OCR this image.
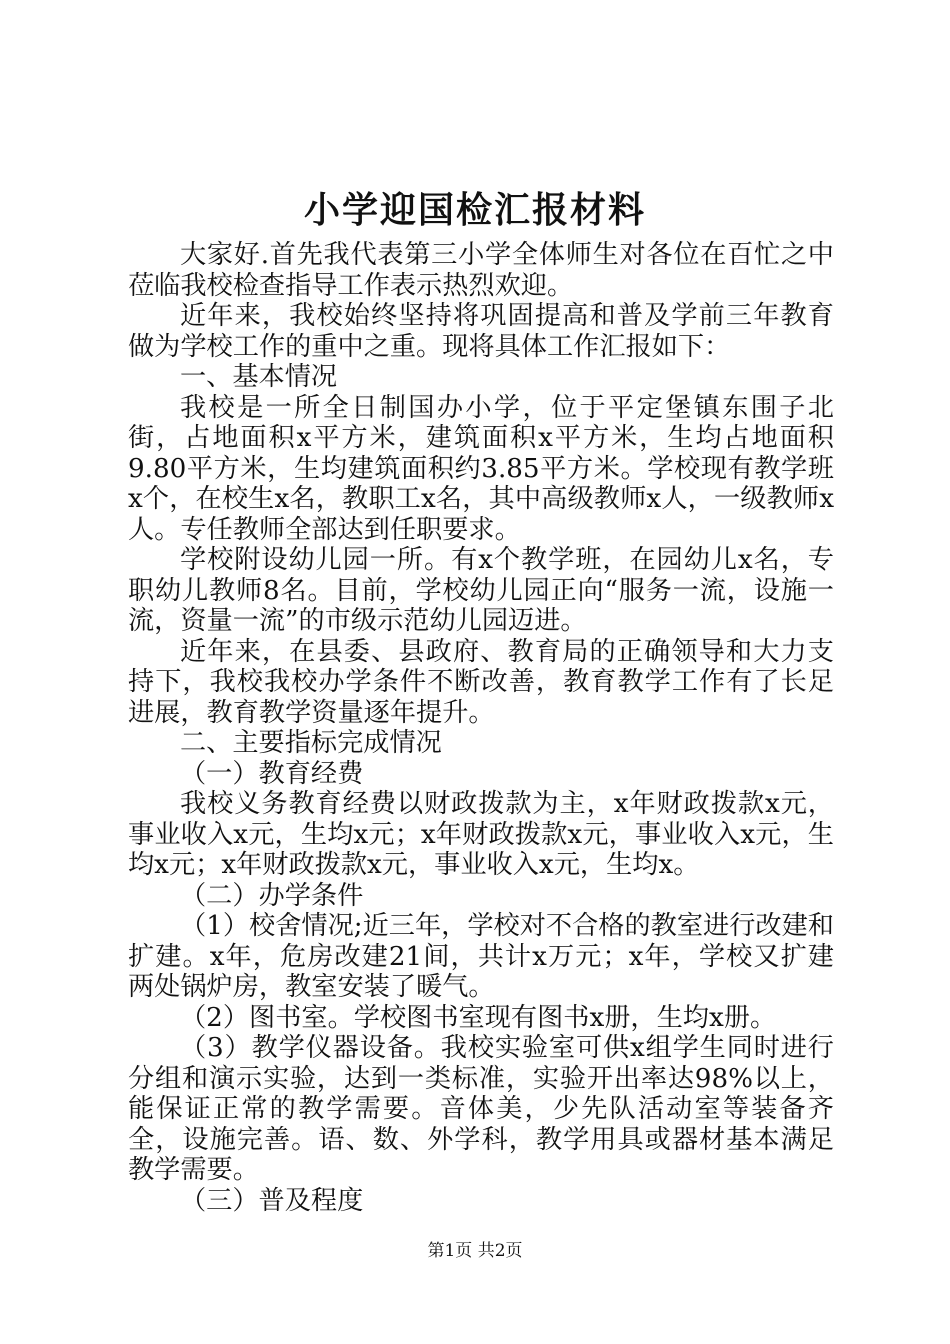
小学迎国检汇报材料

大家好.首先我代表第三小学全体师生对各位在百忙之中莅临我校检查指导工作表示热烈欢迎。

近年来，我校始终坚持将巩固提高和普及学前三年教育做为学校工作的重中之重。现将具体工作汇报如下：

一、基本情况

我校是一所全日制国办小学，位于平定堡镇东围子北街，占地面积x平方米，建筑面积x平方米，生均占地面积9.80平方米，生均建筑面积约3.85平方米。学校现有教学班x个，在校生x名，教职工x名，其中高级教师x人，一级教师x人。专任教师全部达到任职要求。

学校附设幼儿园一所。有x个教学班，在园幼儿x名，专职幼儿教师8名。目前，学校幼儿园正向“服务一流，设施一流，资量一流”的市级示范幼儿园迈进。

近年来，在县委、县政府、教育局的正确领导和大力支持下，我校我校办学条件不断改善，教育教学工作有了长足进展，教育教学资量逐年提升。

二、主要指标完成情况

（一）教育经费

我校义务教育经费以财政拨款为主，x年财政拨款x元，事业收入x元，生均x元；x年财政拨款x元，事业收入x元，生均x元；x年财政拨款x元，事业收入x元，生均x。

（二）办学条件

（1）校舍情况;近三年，学校对不合格的教室进行改建和扩建。x年，危房改建21间，共计x万元；x年，学校又扩建两处锅炉房，教室安装了暖气。

（2）图书室。学校图书室现有图书x册，生均x册。

（3）教学仪器设备。我校实验室可供x组学生同时进行分组和演示实验，达到一类标准，实验开出率达98%以上，能保证正常的教学需要。音体美，少先队活动室等装备齐全，设施完善。语、数、外学科，教学用具或器材基本满足教学需要。

（三）普及程度

第1页 共2页
